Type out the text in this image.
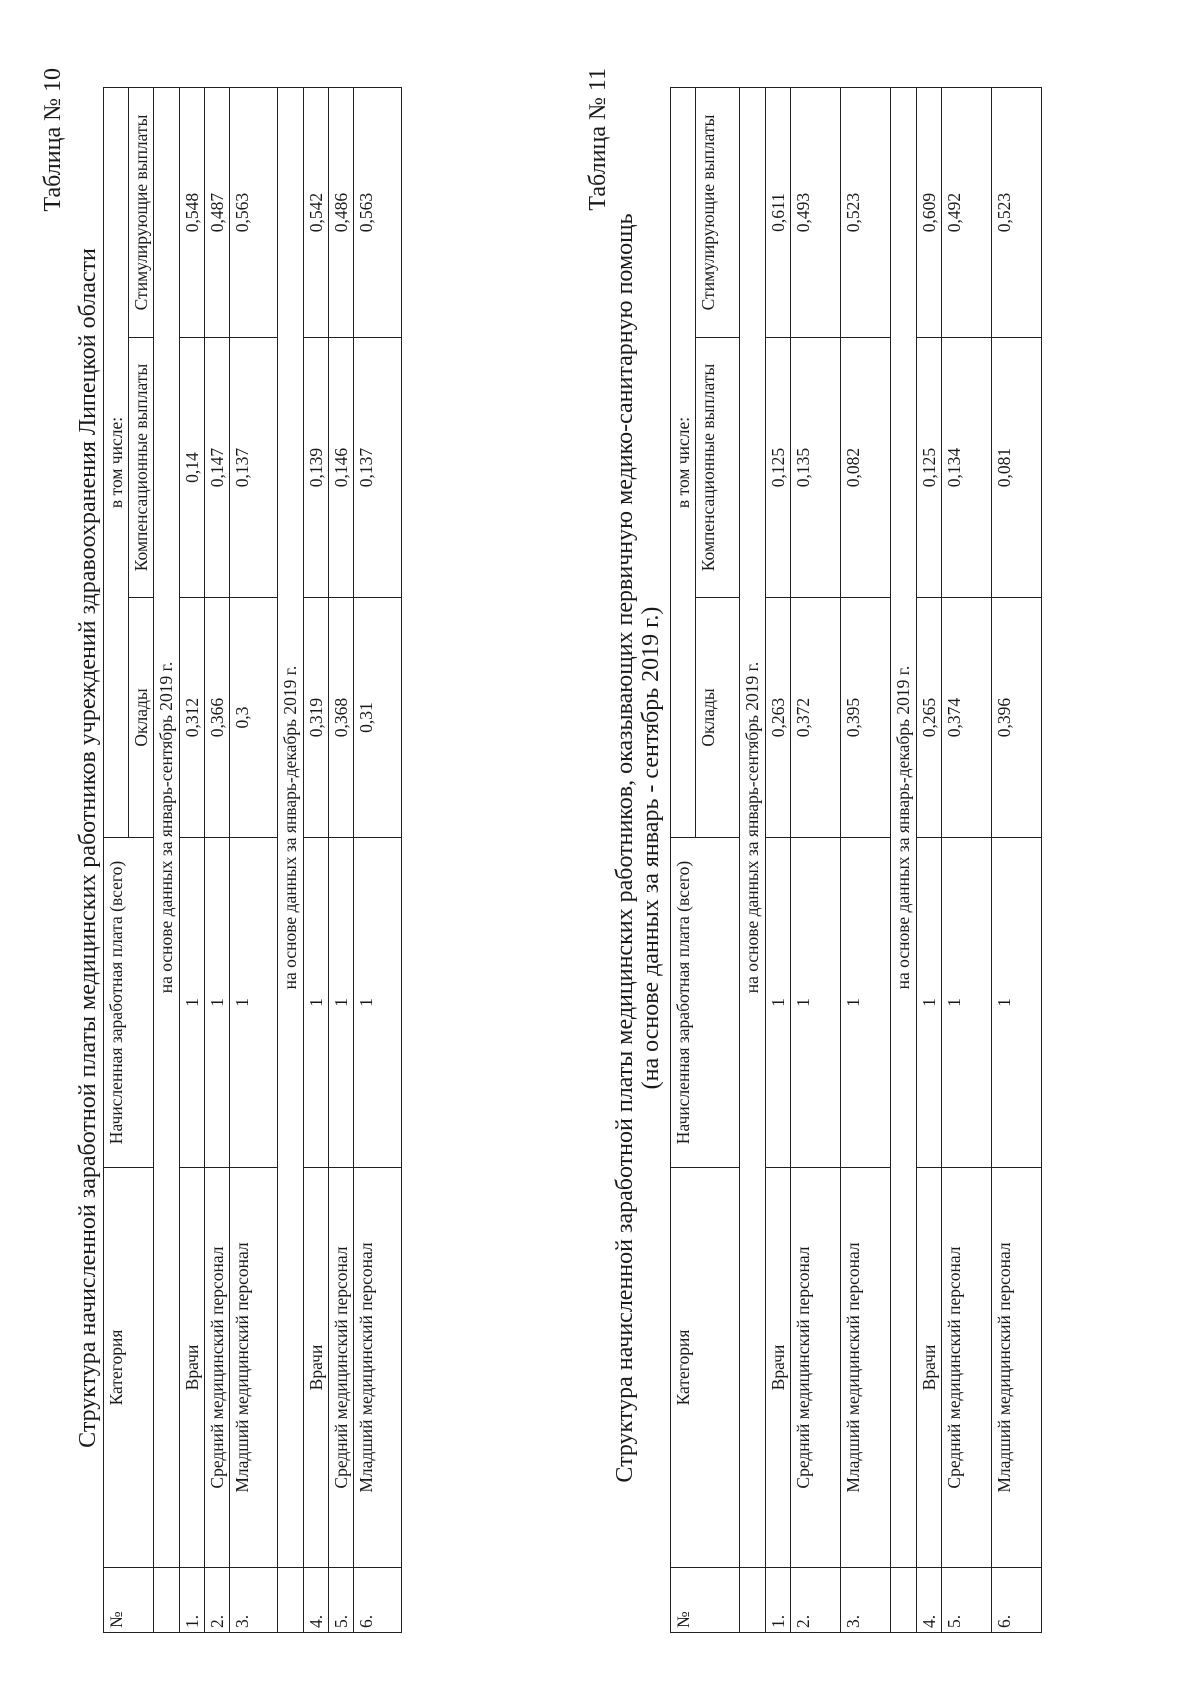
Таблица № 10
Структура начисленной заработной платы медицинских работников учреждений здравоохранения Липецкой области
№	Категория	Начисленная заработная плата (всего)	в том числе:		
			Оклады	Компенсационные выплаты	Стимулирующие выплаты
	на основе данных за январь-сентябрь 2019 г.				
1.	Врачи	1	0,312	0,14	0,548
2.	Средний медицинский персонал	1	0,366	0,147	0,487
3.	Младший медицинский персонал	1	0,3	0,137	0,563
	на основе данных за январь-декабрь 2019 г.				
4.	Врачи	1	0,319	0,139	0,542
5.	Средний медицинский персонал	1	0,368	0,146	0,486
6.	Младший медицинский персонал	1	0,31	0,137	0,563
Таблица № 11
Структура начисленной заработной платы медицинских работников, оказывающих первичную медико-санитарную помощь (на основе данных за январь - сентябрь 2019 г.)
№	Категория	Начисленная заработная плата (всего)	в том числе:		
			Оклады	Компенсационные выплаты	Стимулирующие выплаты
	на основе данных за январь-сентябрь 2019 г.				
1.	Врачи	1	0,263	0,125	0,611
2.	Средний медицинский персонал	1	0,372	0,135	0,493
3.	Младший медицинский персонал	1	0,395	0,082	0,523
	на основе данных за январь-декабрь 2019 г.				
4.	Врачи	1	0,265	0,125	0,609
5.	Средний медицинский персонал	1	0,374	0,134	0,492
6.	Младший медицинский персонал	1	0,396	0,081	0,523
